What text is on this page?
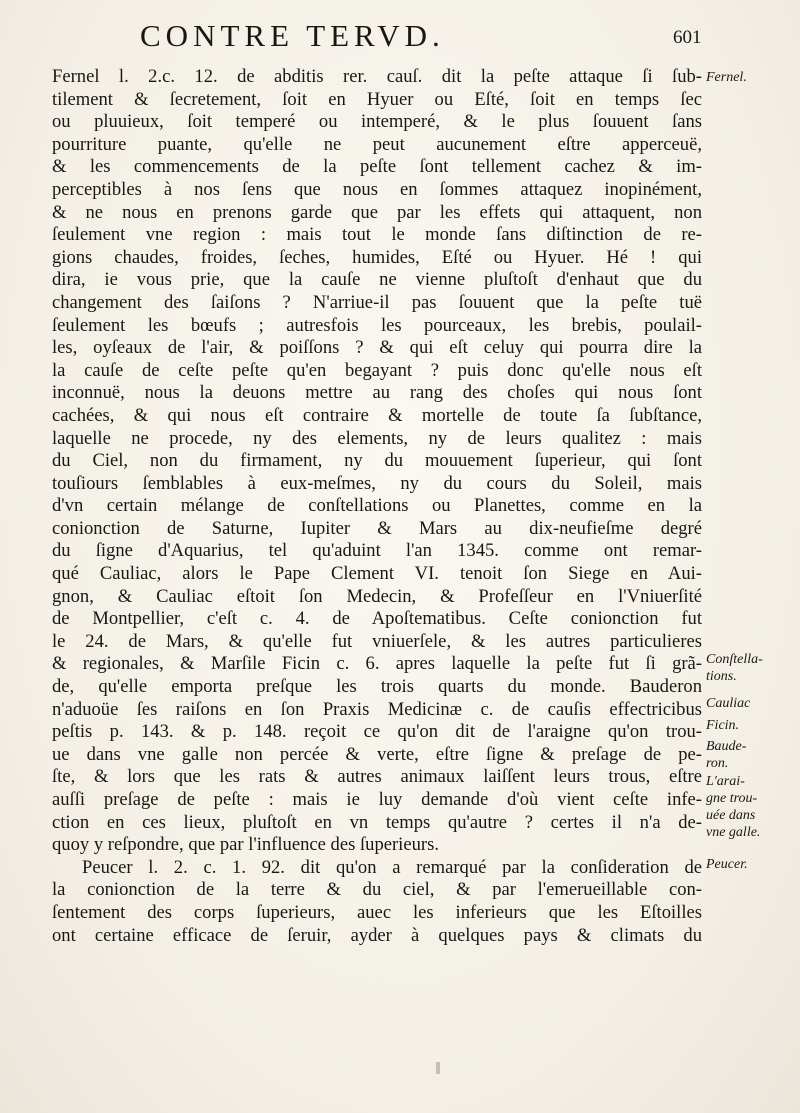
CONTRE TERVD.	601
Fernel l. 2.c. 12. de abditis rer. cauſ. dit la peſte attaque ſi ſub-
tilement & ſecretement, ſoit en Hyuer ou Eſté, ſoit en temps ſec
ou pluuieux, ſoit temperé ou intemperé, & le plus ſouuent ſans
pourriture puante, qu'elle ne peut aucunement eſtre apperceuë,
& les commencements de la peſte ſont tellement cachez & im-
perceptibles à nos ſens que nous en ſommes attaquez inopinément,
& ne nous en prenons garde que par les effets qui attaquent, non
ſeulement vne region : mais tout le monde ſans diſtinction de re-
gions chaudes, froides, ſeches, humides, Eſté ou Hyuer. Hé ! qui
dira, ie vous prie, que la cauſe ne vienne pluſtoſt d'enhaut que du
changement des ſaiſons ? N'arriue-il pas ſouuent que la peſte tuë
ſeulement les bœufs ; autresfois les pourceaux, les brebis, poulail-
les, oyſeaux de l'air, & poiſſons ? & qui eſt celuy qui pourra dire la
la cauſe de ceſte peſte qu'en begayant ? puis donc qu'elle nous eſt
inconnuë, nous la deuons mettre au rang des choſes qui nous ſont
cachées, & qui nous eſt contraire & mortelle de toute ſa ſubſtance,
laquelle ne procede, ny des elements, ny de leurs qualitez : mais
du Ciel, non du firmament, ny du mouuement ſuperieur, qui ſont
touſiours ſemblables à eux-meſmes, ny du cours du Soleil, mais
d'vn certain mélange de conſtellations ou Planettes, comme en la
conionction de Saturne, Iupiter & Mars au dix-neufieſme degré
du ſigne d'Aquarius, tel qu'aduint l'an 1345. comme ont remar-
qué Cauliac, alors le Pape Clement VI. tenoit ſon Siege en Aui-
gnon, & Cauliac eſtoit ſon Medecin, & Profeſſeur en l'Vniuerſité
de Montpellier, c'eſt c. 4. de Apoſtematibus. Ceſte conionction fut
le 24. de Mars, & qu'elle fut vniuerſele, & les autres particulieres
& regionales, & Marſile Ficin c. 6. apres laquelle la peſte fut ſi grã-
de, qu'elle emporta preſque les trois quarts du monde. Bauderon
n'aduoüe ſes raiſons en ſon Praxis Medicinæ c. de cauſis effectricibus
peſtis p. 143. & p. 148. reçoit ce qu'on dit de l'araigne qu'on trou-
ue dans vne galle non percée & verte, eſtre ſigne & preſage de pe-
ſte, & lors que les rats & autres animaux laiſſent leurs trous, eſtre
auſſi preſage de peſte : mais ie luy demande d'où vient ceſte infe-
ction en ces lieux, pluſtoſt en vn temps qu'autre ? certes il n'a de-
quoy y reſpondre, que par l'influence des ſuperieurs.
Peucer l. 2. c. 1. 92. dit qu'on a remarqué par la conſideration de
la conionction de la terre & du ciel, & par l'emerueillable con-
ſentement des corps ſuperieurs, auec les inferieurs que les Eſtoilles
ont certaine efficace de ſeruir, ayder à quelques pays & climats du
Fernel.
Conſtella-
tions.
Cauliac
Ficin.
Baude-
ron.
L'arai-
gne trou-
uée dans
vne galle.
Peucer.
